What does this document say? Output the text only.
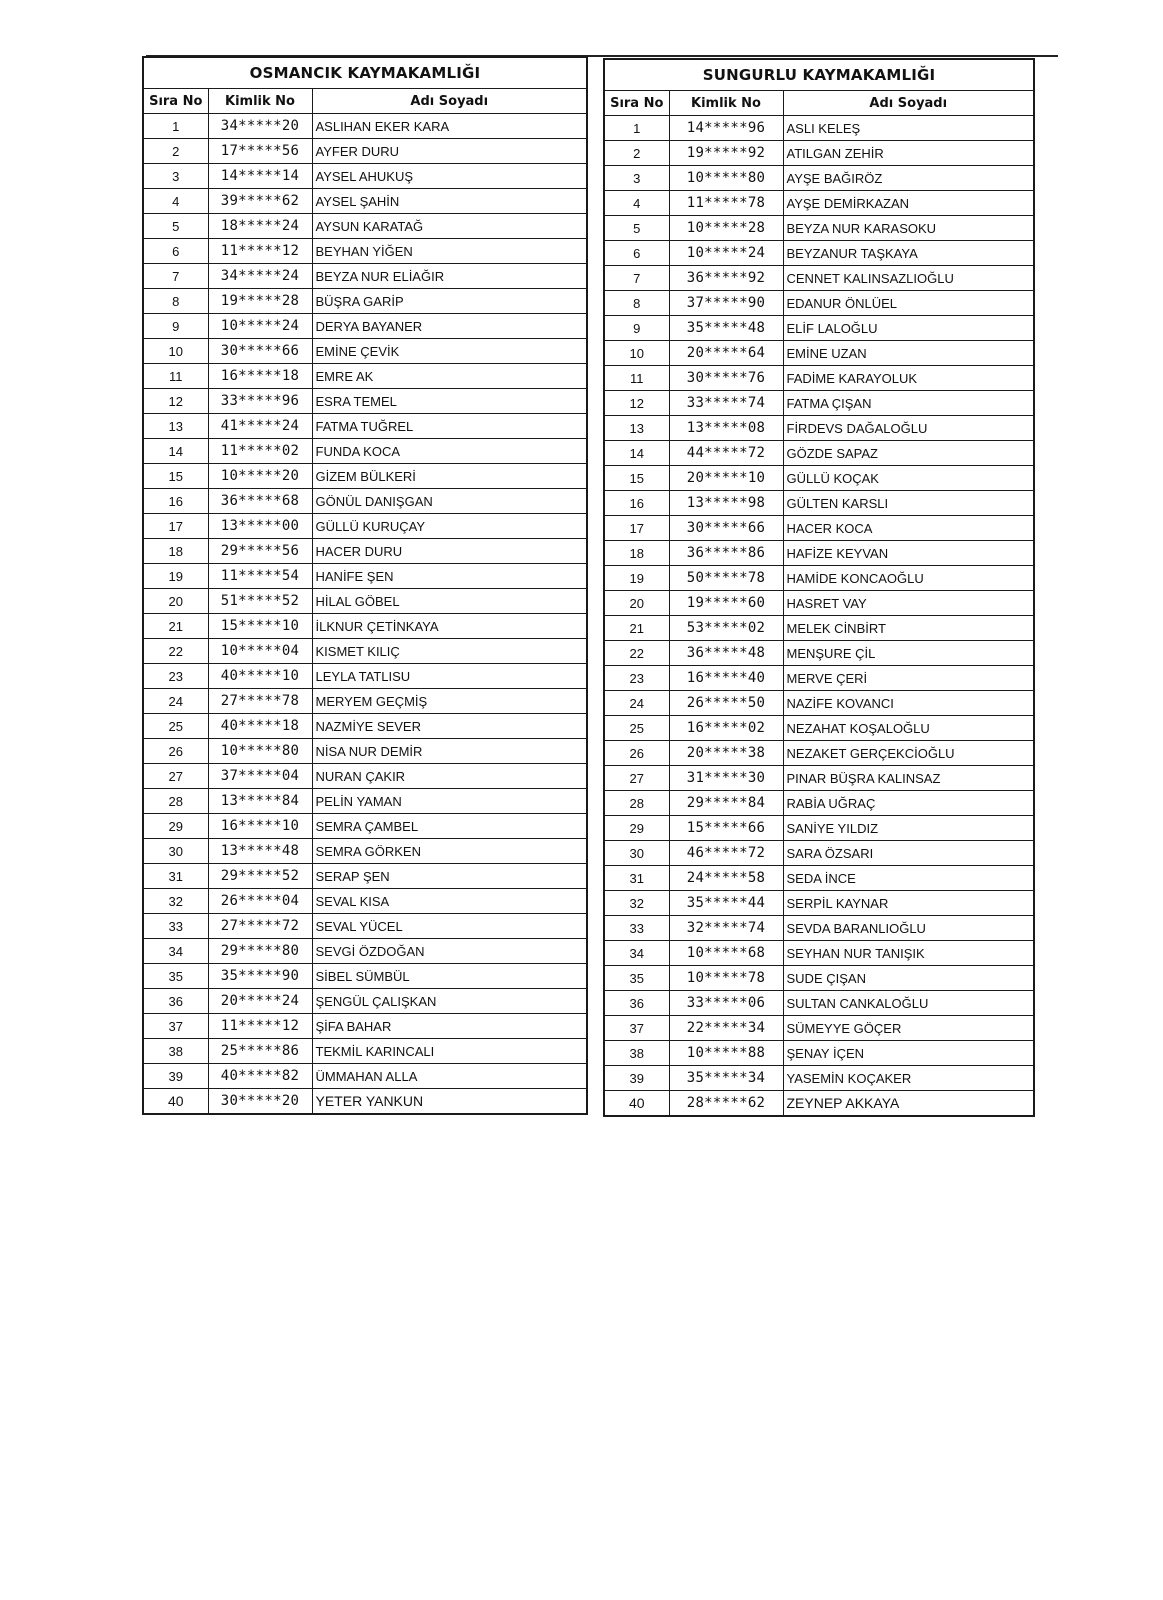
OSMANCIK KAYMAKAMLIĞI		
Sıra No	Kimlik No	Adı Soyadı
1	34*****20	ASLIHAN EKER KARA
2	17*****56	AYFER DURU
3	14*****14	AYSEL AHUKUŞ
4	39*****62	AYSEL ŞAHİN
5	18*****24	AYSUN KARATAĞ
6	11*****12	BEYHAN YİĞEN
7	34*****24	BEYZA NUR ELİAĞIR
8	19*****28	BÜŞRA GARİP
9	10*****24	DERYA BAYANER
10	30*****66	EMİNE ÇEVİK
11	16*****18	EMRE AK
12	33*****96	ESRA TEMEL
13	41*****24	FATMA TUĞREL
14	11*****02	FUNDA KOCA
15	10*****20	GİZEM BÜLKERİ
16	36*****68	GÖNÜL DANIŞGAN
17	13*****00	GÜLLÜ KURUÇAY
18	29*****56	HACER DURU
19	11*****54	HANİFE ŞEN
20	51*****52	HİLAL GÖBEL
21	15*****10	İLKNUR ÇETİNKAYA
22	10*****04	KISMET KILIÇ
23	40*****10	LEYLA TATLISU
24	27*****78	MERYEM GEÇMİŞ
25	40*****18	NAZMİYE SEVER
26	10*****80	NİSA NUR DEMİR
27	37*****04	NURAN ÇAKIR
28	13*****84	PELİN YAMAN
29	16*****10	SEMRA ÇAMBEL
30	13*****48	SEMRA GÖRKEN
31	29*****52	SERAP ŞEN
32	26*****04	SEVAL KISA
33	27*****72	SEVAL YÜCEL
34	29*****80	SEVGİ ÖZDOĞAN
35	35*****90	SİBEL SÜMBÜL
36	20*****24	ŞENGÜL ÇALIŞKAN
37	11*****12	ŞİFA BAHAR
38	25*****86	TEKMİL KARINCALI
39	40*****82	ÜMMAHAN ALLA
40	30*****20	YETER YANKUN
SUNGURLU KAYMAKAMLIĞI		
Sıra No	Kimlik No	Adı Soyadı
1	14*****96	ASLI KELEŞ
2	19*****92	ATILGAN ZEHİR
3	10*****80	AYŞE BAĞIRÖZ
4	11*****78	AYŞE DEMİRKAZAN
5	10*****28	BEYZA NUR KARASOKU
6	10*****24	BEYZANUR TAŞKAYA
7	36*****92	CENNET KALINSAZLIOĞLU
8	37*****90	EDANUR ÖNLÜEL
9	35*****48	ELİF LALOĞLU
10	20*****64	EMİNE UZAN
11	30*****76	FADİME KARAYOLUK
12	33*****74	FATMA ÇIŞAN
13	13*****08	FİRDEVS DAĞALOĞLU
14	44*****72	GÖZDE SAPAZ
15	20*****10	GÜLLÜ KOÇAK
16	13*****98	GÜLTEN KARSLI
17	30*****66	HACER KOCA
18	36*****86	HAFİZE KEYVAN
19	50*****78	HAMİDE KONCAOĞLU
20	19*****60	HASRET VAY
21	53*****02	MELEK CİNBİRT
22	36*****48	MENŞURE ÇİL
23	16*****40	MERVE ÇERİ
24	26*****50	NAZİFE KOVANCI
25	16*****02	NEZAHAT KOŞALOĞLU
26	20*****38	NEZAKET GERÇEKCİOĞLU
27	31*****30	PINAR BÜŞRA KALINSAZ
28	29*****84	RABİA UĞRAÇ
29	15*****66	SANİYE YILDIZ
30	46*****72	SARA ÖZSARI
31	24*****58	SEDA İNCE
32	35*****44	SERPİL KAYNAR
33	32*****74	SEVDA BARANLIOĞLU
34	10*****68	SEYHAN NUR TANIŞIK
35	10*****78	SUDE ÇIŞAN
36	33*****06	SULTAN CANKALOĞLU
37	22*****34	SÜMEYYE GÖÇER
38	10*****88	ŞENAY İÇEN
39	35*****34	YASEMİN KOÇAKER
40	28*****62	ZEYNEP AKKAYA
